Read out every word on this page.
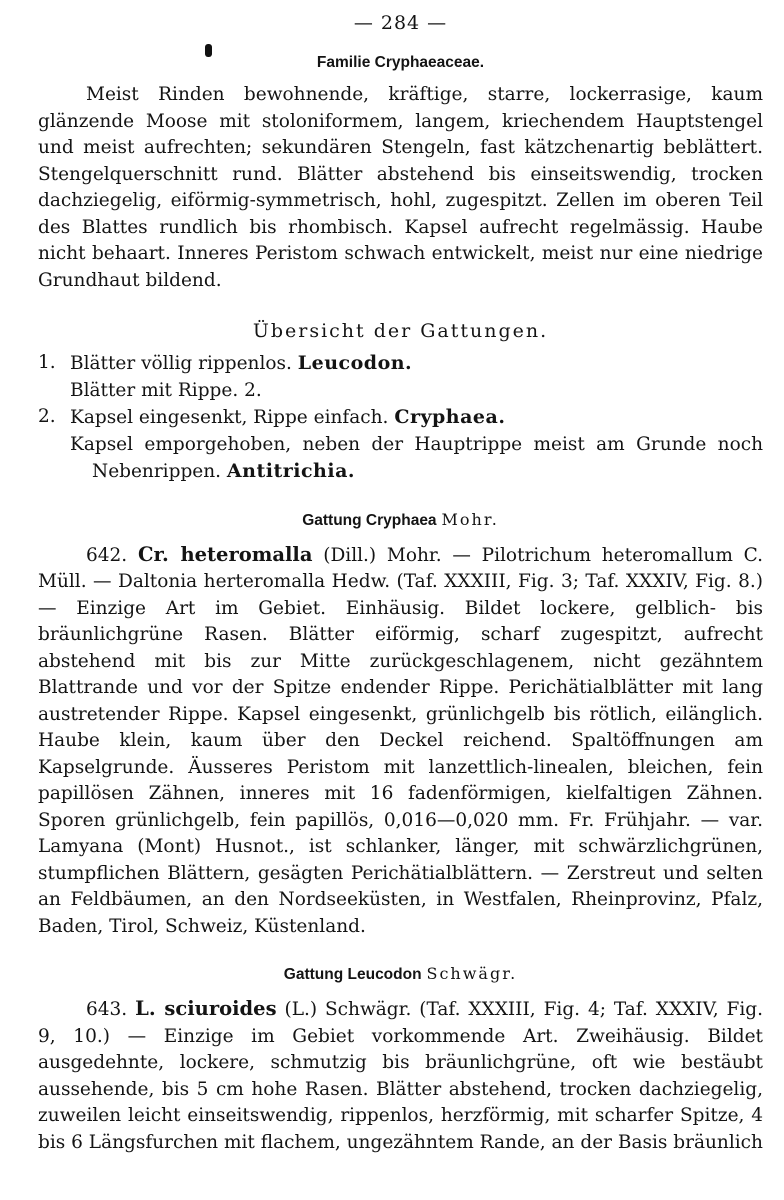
— 284 —
Familie Cryphaeaceae.

Meist Rinden bewohnende, kräftige, starre, lockerrasige, kaum glänzende Moose mit stoloniformem, langem, kriechendem Hauptstengel und meist aufrechten; sekundären Stengeln, fast kätzchenartig beblättert. Stengelquerschnitt rund. Blätter abstehend bis einseitswendig, trocken dachziegelig, eiförmig-symmetrisch, hohl, zugespitzt. Zellen im oberen Teil des Blattes rundlich bis rhombisch. Kapsel aufrecht regelmässig. Haube nicht behaart. Inneres Peristom schwach entwickelt, meist nur eine niedrige Grundhaut bildend.

Übersicht der Gattungen.
1. Blätter völlig rippenlos. Leucodon.
Blätter mit Rippe. 2.
2. Kapsel eingesenkt, Rippe einfach. Cryphaea.
Kapsel emporgehoben, neben der Hauptrippe meist am Grunde noch
Nebenrippen. Antitrichia.
Gattung Cryphaea Mohr.

642. Cr. heteromalla (Dill.) Mohr. — Pilotrichum heteromallum C. Müll. — Daltonia herteromalla Hedw. (Taf. XXXIII, Fig. 3; Taf. XXXIV, Fig. 8.) — Einzige Art im Gebiet. Einhäusig. Bildet lockere, gelblich- bis bräunlichgrüne Rasen. Blätter eiförmig, scharf zugespitzt, aufrecht abstehend mit bis zur Mitte zurückgeschlagenem, nicht gezähntem Blattrande und vor der Spitze endender Rippe. Perichätialblätter mit lang austretender Rippe. Kapsel eingesenkt, grünlichgelb bis rötlich, eilänglich. Haube klein, kaum über den Deckel reichend. Spaltöffnungen am Kapselgrunde. Äusseres Peristom mit lanzettlich-linealen, bleichen, fein papillösen Zähnen, inneres mit 16 fadenförmigen, kielfaltigen Zähnen. Sporen grünlichgelb, fein papillös, 0,016—0,020 mm. Fr. Frühjahr. — var. Lamyana (Mont) Husnot., ist schlanker, länger, mit schwärzlichgrünen, stumpflichen Blättern, gesägten Perichätialblättern. — Zerstreut und selten an Feldbäumen, an den Nordseeküsten, in Westfalen, Rheinprovinz, Pfalz, Baden, Tirol, Schweiz, Küstenland.

Gattung Leucodon Schwägr.

643. L. sciuroides (L.) Schwägr. (Taf. XXXIII, Fig. 4; Taf. XXXIV, Fig. 9, 10.) — Einzige im Gebiet vorkommende Art. Zweihäusig. Bildet ausgedehnte, lockere, schmutzig bis bräunlichgrüne, oft wie bestäubt aussehende, bis 5 cm hohe Rasen. Blätter abstehend, trocken dachziegelig, zuweilen leicht einseitswendig, rippenlos, herzförmig, mit scharfer Spitze, 4 bis 6 Längsfurchen mit flachem, ungezähntem Rande, an der Basis bräunlich
